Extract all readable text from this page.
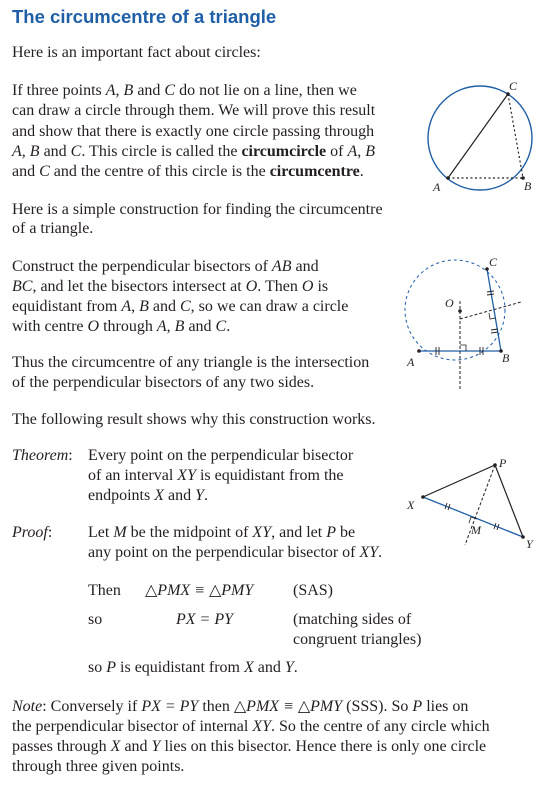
The circumcentre of a triangle
Here is an important fact about circles:
If three points A, B and C do not lie on a line, then we
can draw a circle through them. We will prove this result
and show that there is exactly one circle passing through
A, B and C. This circle is called the circumcircle of A, B
and C and the centre of this circle is the circumcentre.
Here is a simple construction for finding the circumcentre
of a triangle.
Construct the perpendicular bisectors of AB and
BC, and let the bisectors intersect at O. Then O is
equidistant from A, B and C, so we can draw a circle
with centre O through A, B and C.
Thus the circumcentre of any triangle is the intersection
of the perpendicular bisectors of any two sides.
The following result shows why this construction works.
Theorem: Every point on the perpendicular bisector
of an interval XY is equidistant from the
endpoints X and Y.
Proof: Let M be the midpoint of XY, and let P be
any point on the perpendicular bisector of XY.
Then △PMX ≡ △PMY (SAS)
so	PX = PY	(matching sides of
congruent triangles)
so P is equidistant from X and Y.
Note: Conversely if PX = PY then △PMX ≡ △PMY (SSS). So P lies on
the perpendicular bisector of internal XY. So the centre of any circle which
passes through X and Y lies on this bisector. Hence there is only one circle
through three given points.
A	B
C
A	B
C
O
X
Y
P
M
